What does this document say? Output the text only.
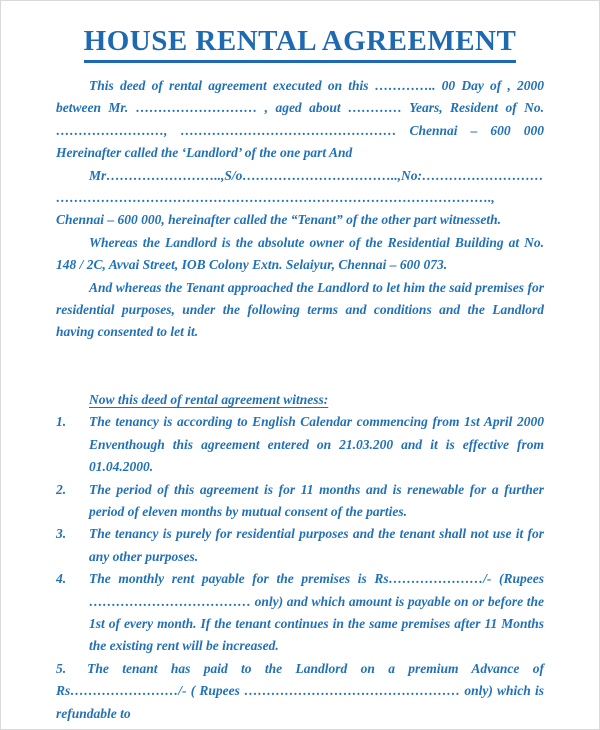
HOUSE RENTAL AGREEMENT

This deed of rental agreement executed on this ………….. 00 Day of , 2000 between Mr. ……………………… , aged about ………… Years, Resident of No. ……………………, ………………………………………… Chennai – 600 000 Hereinafter called the ‘Landlord’ of the one part And

Mr……………………..,S/o……………………………..,No:……………………………………………………………………………………………………………., Chennai – 600 000, hereinafter called the “Tenant” of the other part witnesseth.

Whereas the Landlord is the absolute owner of the Residential Building at No. 148 / 2C, Avvai Street, IOB Colony Extn. Selaiyur, Chennai – 600 073.

And whereas the Tenant approached the Landlord to let him the said premises for residential purposes, under the following terms and conditions and the Landlord having consented to let it.

Now this deed of rental agreement witness:

1. The tenancy is according to English Calendar commencing from 1st April 2000 Enventhough this agreement entered on 21.03.200 and it is effective from 01.04.2000.
2. The period of this agreement is for 11 months and is renewable for a further period of eleven months by mutual consent of the parties.
3. The tenancy is purely for residential purposes and the tenant shall not use it for any other purposes.
4. The monthly rent payable for the premises is Rs…………………/- (Rupees ……………………………… only) and which amount is payable on or before the 1st of every month. If the tenant continues in the same premises after 11 Months the existing rent will be increased.

5. The tenant has paid to the Landlord on a premium Advance of Rs……………………/- ( Rupees ………………………………………… only) which is refundable to
